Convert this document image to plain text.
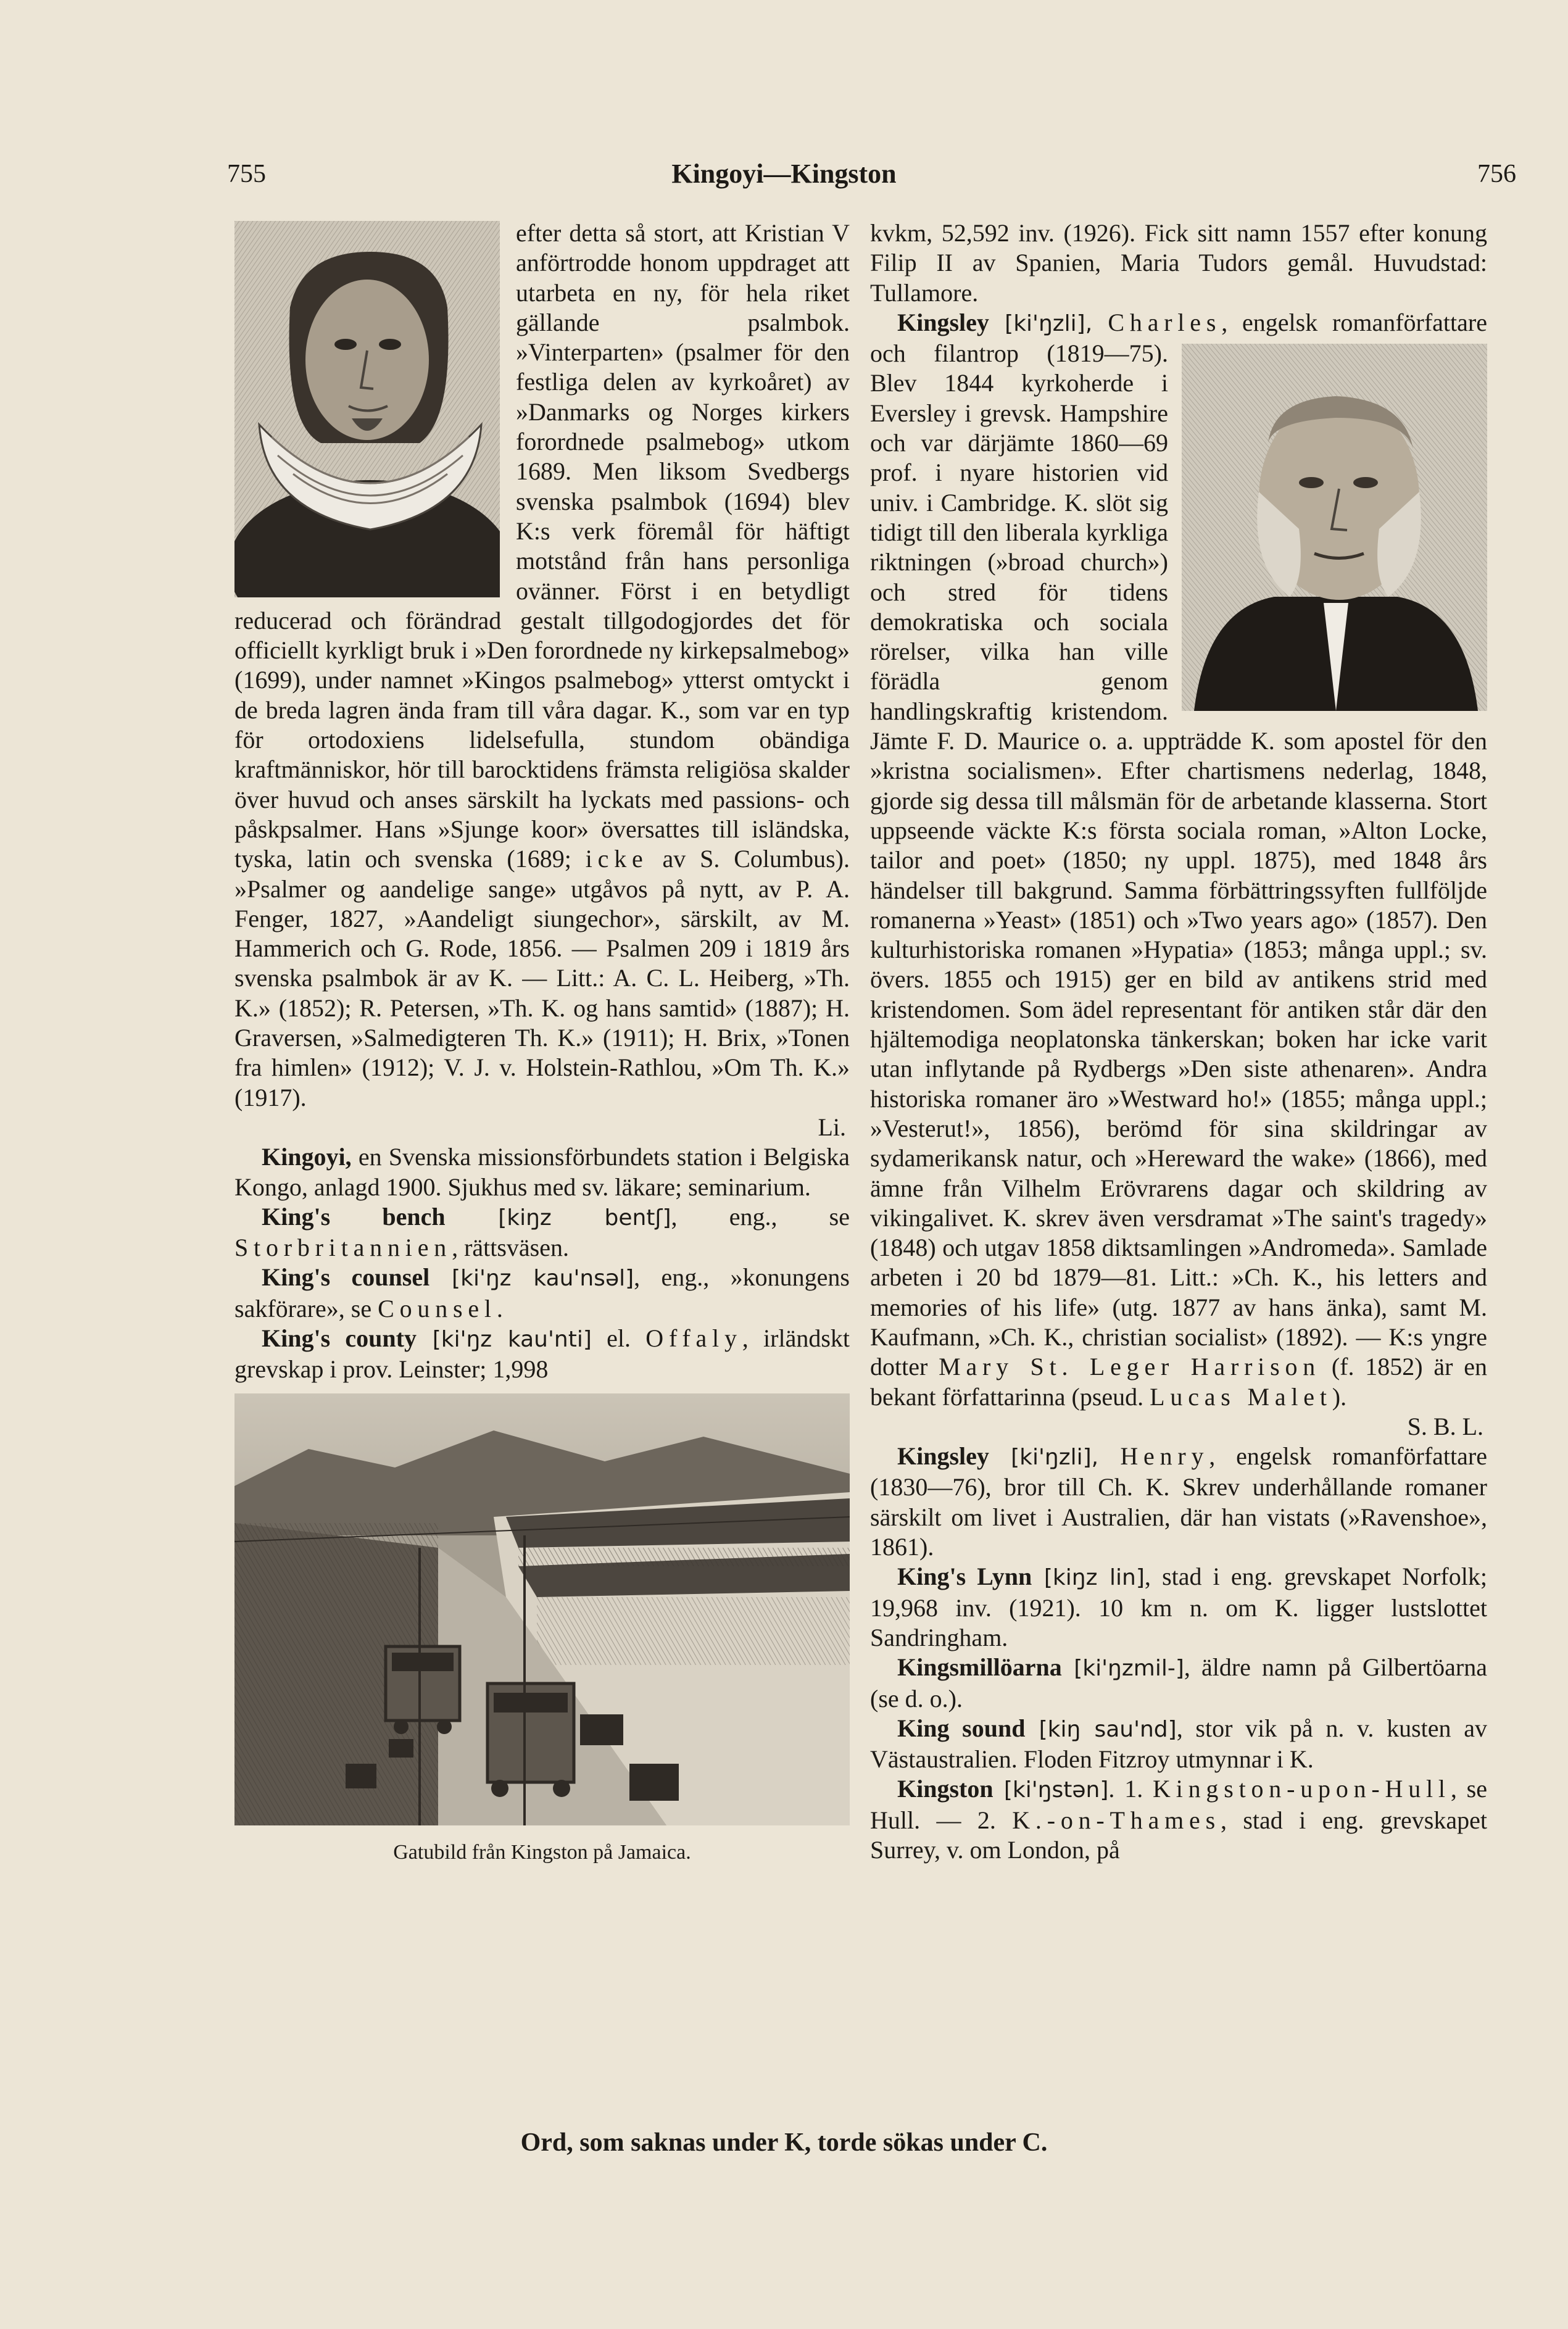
755	Kingoyi—Kingston	756

efter detta så stort, att Kristian V anförtrodde honom uppdraget att utarbeta en ny, för hela riket gällande psalmbok. »Vinterparten» (psalmer för den festliga delen av kyrkoåret) av »Danmarks og Norges kirkers forordnede psalmebog» utkom 1689. Men liksom Svedbergs svenska psalmbok (1694) blev K:s verk föremål för häftigt motstånd från hans personliga ovänner. Först i en betydligt reducerad och förändrad gestalt tillgodogjordes det för officiellt kyrkligt bruk i »Den forordnede ny kirkepsalmebog» (1699), under namnet »Kingos psalmebog» ytterst omtyckt i de breda lagren ända fram till våra dagar. K., som var en typ för ortodoxiens lidelsefulla, stundom obändiga kraftmänniskor, hör till barocktidens främsta religiösa skalder över huvud och anses särskilt ha lyckats med passions- och påskpsalmer. Hans »Sjunge koor» översattes till isländska, tyska, latin och svenska (1689; icke av S. Columbus). »Psalmer og aandelige sange» utgåvos på nytt, av P. A. Fenger, 1827, »Aandeligt siungechor», särskilt, av M. Hammerich och G. Rode, 1856. — Psalmen 209 i 1819 års svenska psalmbok är av K. — Litt.: A. C. L. Heiberg, »Th. K.» (1852); R. Petersen, »Th. K. og hans samtid» (1887); H. Graversen, »Salmedigteren Th. K.» (1911); H. Brix, »Tonen fra himlen» (1912); V. J. v. Holstein-Rathlou, »Om Th. K.» (1917).
Li.

Kingoyi, en Svenska missionsförbundets station i Belgiska Kongo, anlagd 1900. Sjukhus med sv. läkare; seminarium.

King's bench [kiŋz bentʃ], eng., se Storbritannien, rättsväsen.

King's counsel [ki'ŋz kau'nsəl], eng., »konungens sakförare», se Counsel.

King's county [ki'ŋz kau'nti] el. Offaly, irländskt grevskap i prov. Leinster; 1,998

Gatubild från Kingston på Jamaica.

kvkm, 52,592 inv. (1926). Fick sitt namn 1557 efter konung Filip II av Spanien, Maria Tudors gemål. Huvudstad: Tullamore.

Kingsley [ki'ŋzli], Charles
, engelsk romanförfattare och filantrop (1819—75). Blev 1844 kyrkoherde i Eversley i grevsk. Hampshire och var därjämte 1860—69 prof. i nyare historien vid univ. i Cambridge. K. slöt sig tidigt till den liberala kyrkliga riktningen (»broad church») och stred för tidens demokratiska och sociala rörelser, vilka han ville förädla genom handlingskraftig kristendom. Jämte F. D. Maurice o. a. uppträdde K. som apostel för den »kristna socialismen». Efter chartismens nederlag, 1848, gjorde sig dessa till målsmän för de arbetande klasserna. Stort uppseende väckte K:s första sociala roman, »Alton Locke, tailor and poet» (1850; ny uppl. 1875), med 1848 års händelser till bakgrund. Samma förbättringssyften fullföljde romanerna »Yeast» (1851) och »Two years ago» (1857). Den kulturhistoriska romanen »Hypatia» (1853; många uppl.; sv. övers. 1855 och 1915) ger en bild av antikens strid med kristendomen. Som ädel representant för antiken står där den hjältemodiga neoplatonska tänkerskan; boken har icke varit utan inflytande på Rydbergs »Den siste athenaren». Andra historiska romaner äro »Westward ho!» (1855; många uppl.; »Vesterut!», 1856), berömd för sina skildringar av sydamerikansk natur, och »Hereward the wake» (1866), med ämne från Vilhelm Erövrarens dagar och skildring av vikingalivet. K. skrev även versdramat »The saint's tragedy» (1848) och utgav 1858 diktsamlingen »Andromeda». Samlade arbeten i 20 bd 1879—81. Litt.: »Ch. K., his letters and memories of his life» (utg. 1877 av hans änka), samt M. Kaufmann, »Ch. K., christian socialist» (1892). — K:s yngre dotter Mary St. Leger Harrison (f. 1852) är en bekant författarinna (pseud. Lucas Malet).
S. B. L.

Kingsley [ki'ŋzli], Henry, engelsk romanförfattare (1830—76), bror till Ch. K. Skrev underhållande romaner särskilt om livet i Australien, där han vistats (»Ravenshoe», 1861).

King's Lynn [kiŋz lin], stad i eng. grevskapet Norfolk; 19,968 inv. (1921). 10 km n. om K. ligger lustslottet Sandringham.

Kingsmillöarna [ki'ŋzmil-], äldre namn på Gilbertöarna (se d. o.).

King sound [kiŋ sau'nd], stor vik på n. v. kusten av Västaustralien. Floden Fitzroy utmynnar i K.

Kingston [ki'ŋstən]. 1. Kingston-upon-Hull, se Hull. — 2. K.-on-Thames, stad i eng. grevskapet Surrey, v. om London, på

Ord, som saknas under K, torde sökas under C.
